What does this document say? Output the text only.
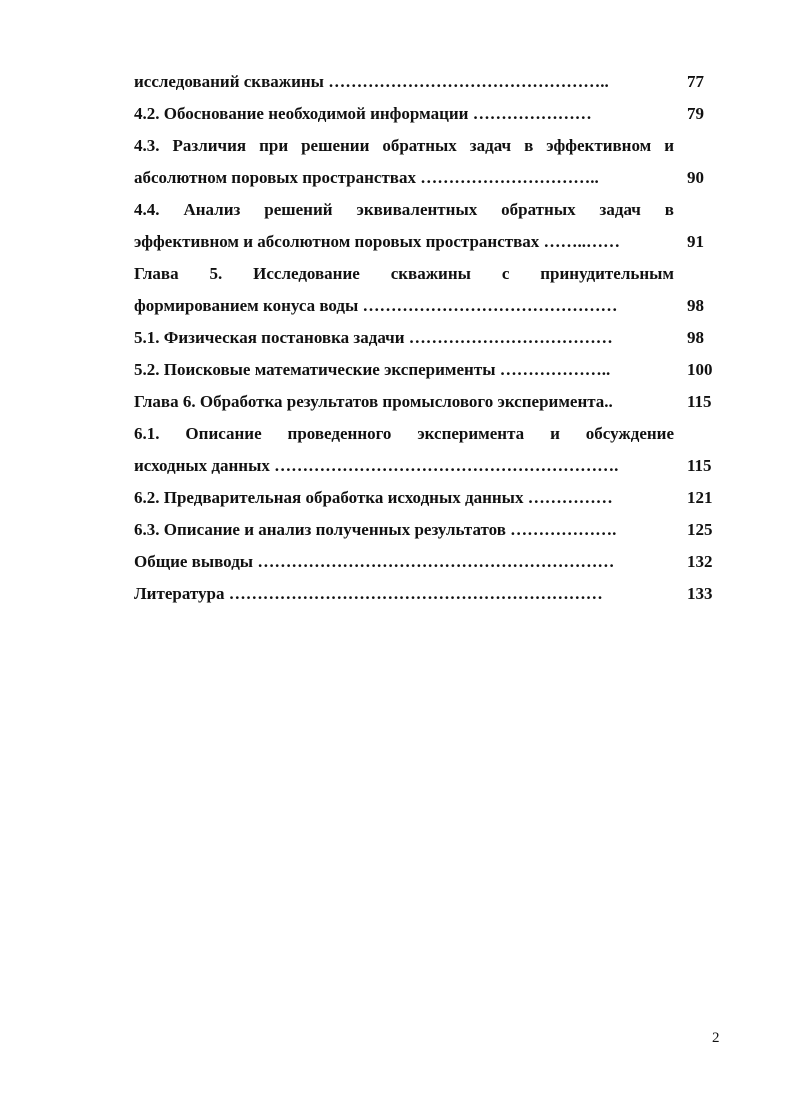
исследований скважины …………………………………………..	77
4.2. Обоснование необходимой информации …………………	79
4.3. Различия при решении обратных задач в эффективном и
абсолютном поровых пространствах …………………………..	90
4.4. Анализ решений эквивалентных обратных задач в
эффективном и абсолютном поровых пространствах ……..……	91
Глава 5. Исследование скважины с принудительным
формированием конуса воды ………………………………………	98
5.1. Физическая постановка задачи ………………………………	98
5.2. Поисковые математические эксперименты ………………..	100
Глава 6. Обработка результатов промыслового эксперимента..	115
6.1. Описание проведенного эксперимента и обсуждение
исходных данных …………………………………………………….	115
6.2. Предварительная обработка исходных данных ……………	121
6.3. Описание и анализ полученных результатов ……………….	125
Общие выводы ………………………………………………………	132
Литература …………………………………………………………	133
2
